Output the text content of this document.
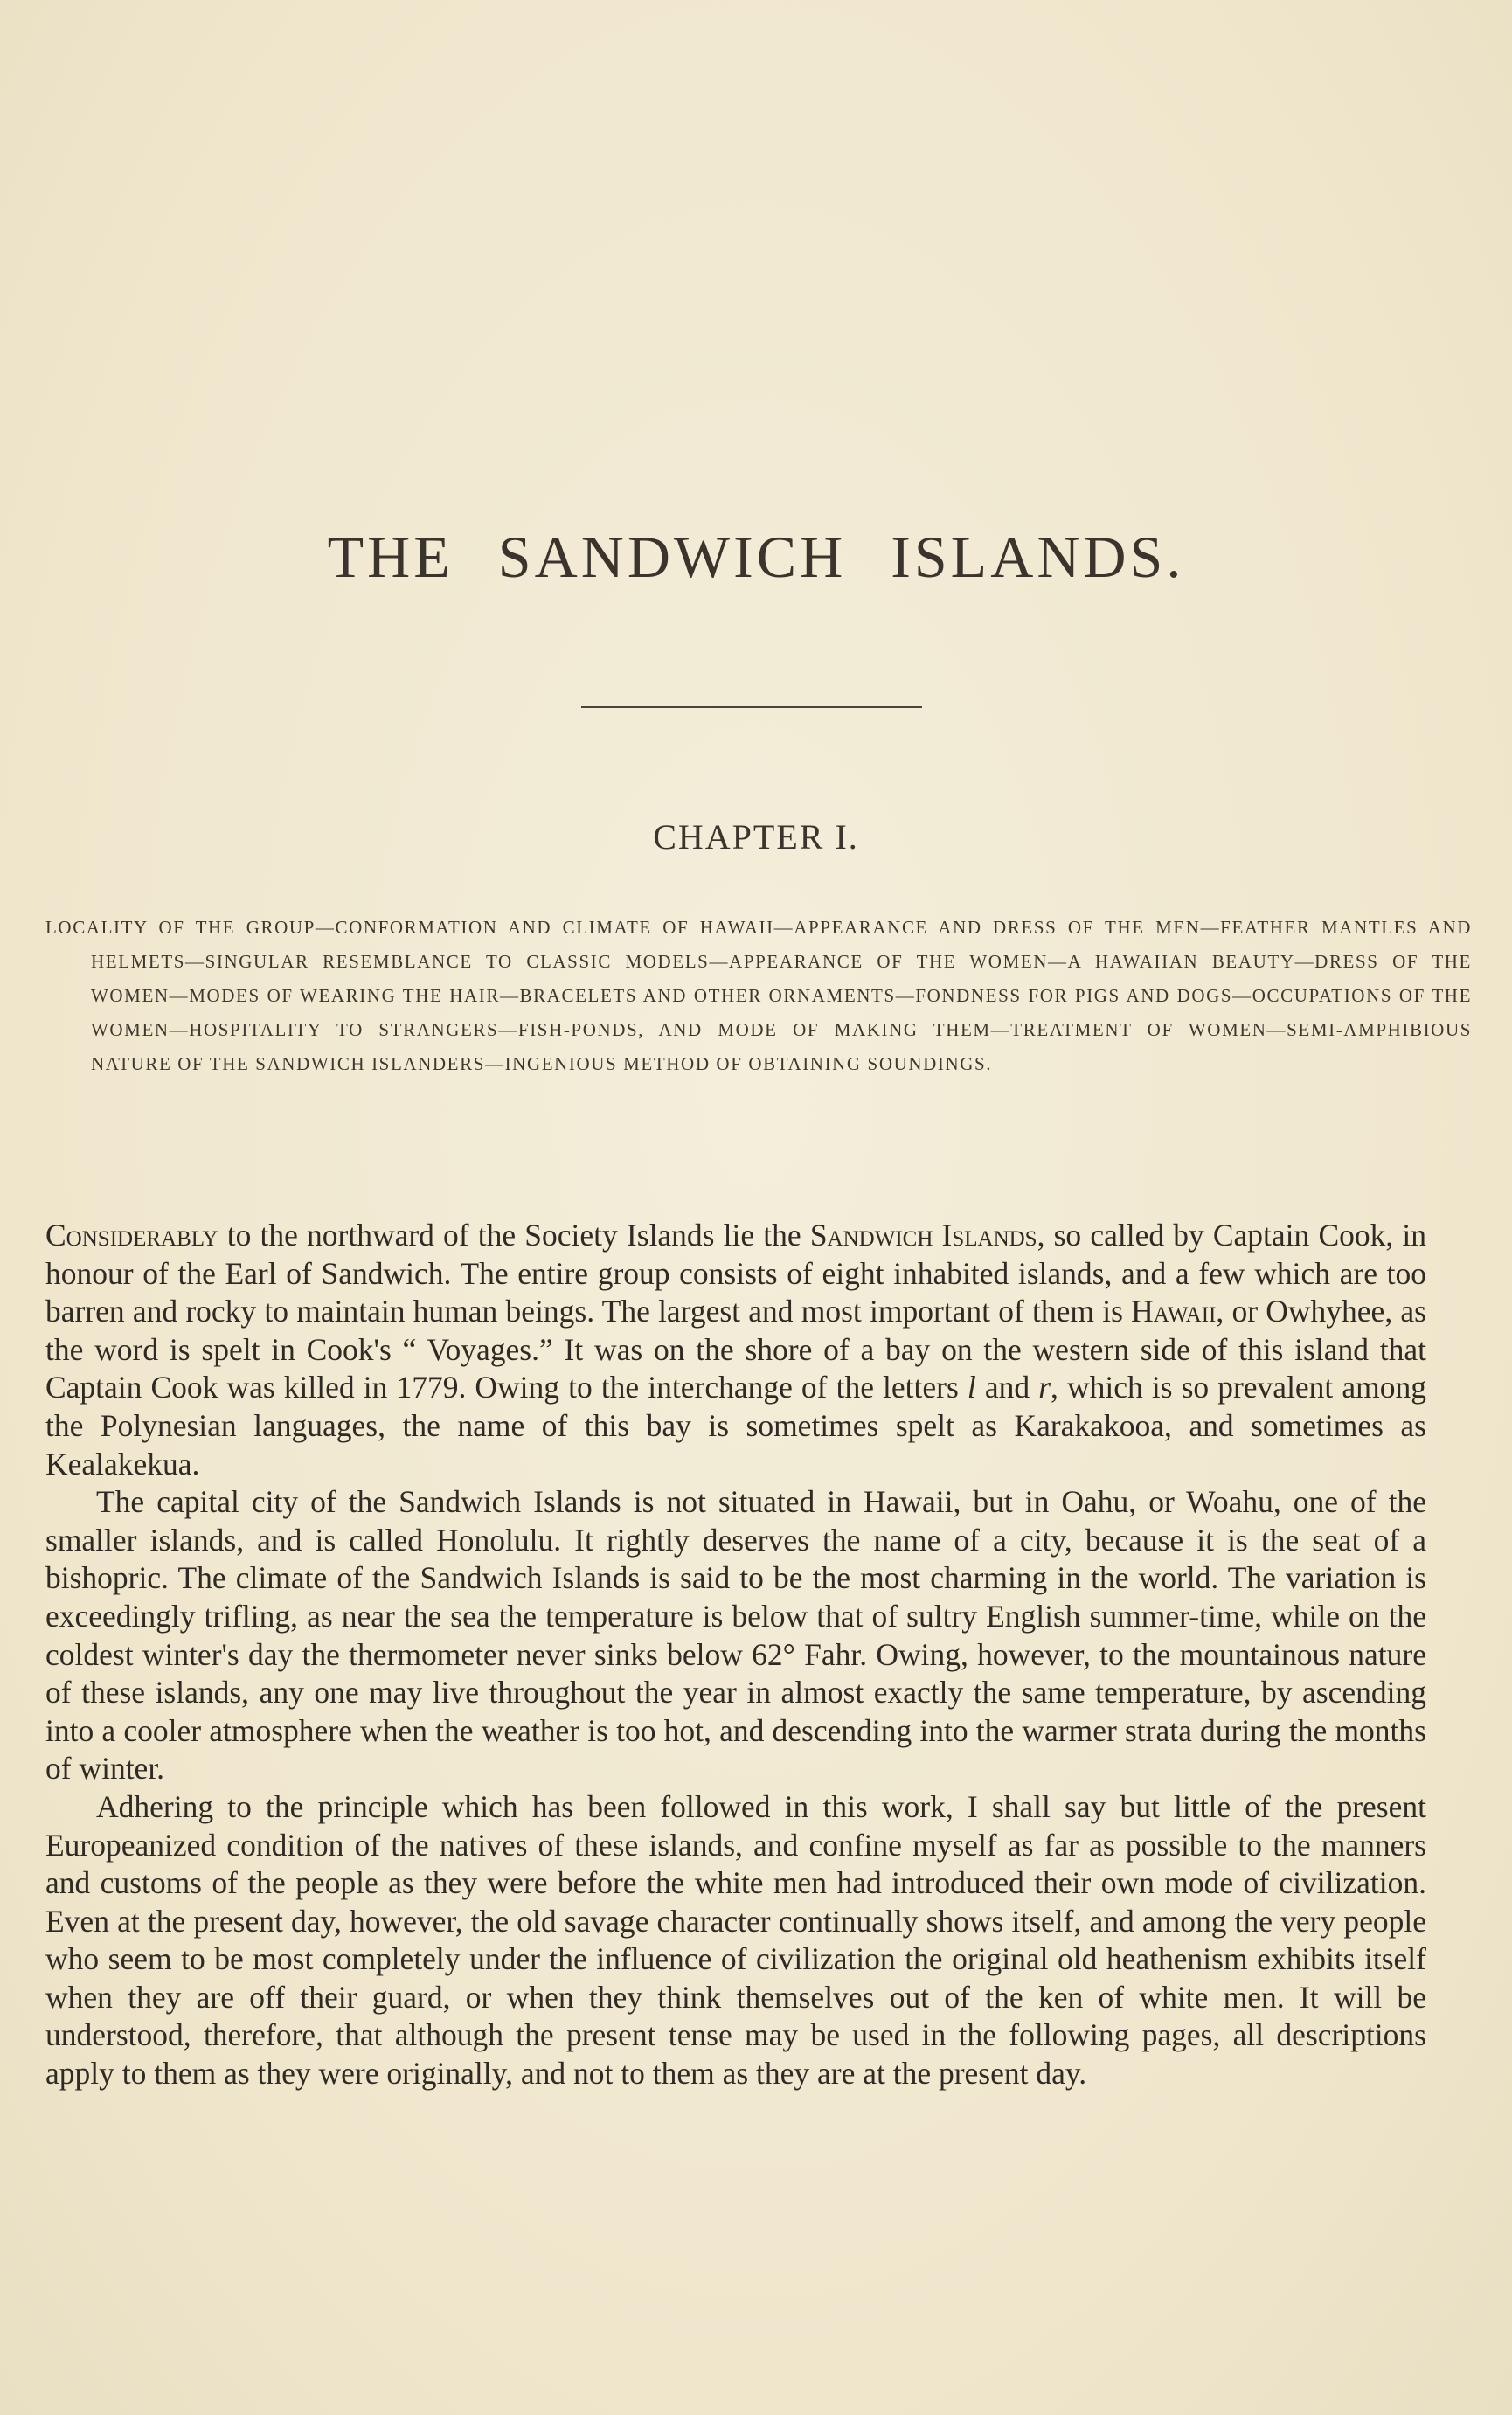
THE SANDWICH ISLANDS.
CHAPTER I.
LOCALITY OF THE GROUP—CONFORMATION AND CLIMATE OF HAWAII—APPEARANCE AND DRESS OF THE MEN—FEATHER MANTLES AND HELMETS—SINGULAR RESEMBLANCE TO CLASSIC MODELS—APPEARANCE OF THE WOMEN—A HAWAIIAN BEAUTY—DRESS OF THE WOMEN—MODES OF WEARING THE HAIR—BRACELETS AND OTHER ORNAMENTS—FONDNESS FOR PIGS AND DOGS—OCCUPATIONS OF THE WOMEN—HOSPITALITY TO STRANGERS—FISH-PONDS, AND MODE OF MAKING THEM—TREATMENT OF WOMEN—SEMI-AMPHIBIOUS NATURE OF THE SANDWICH ISLANDERS—INGENIOUS METHOD OF OBTAINING SOUNDINGS.

Considerably to the northward of the Society Islands lie the Sandwich Islands, so called by Captain Cook, in honour of the Earl of Sandwich. The entire group consists of eight inhabited islands, and a few which are too barren and rocky to maintain human beings. The largest and most important of them is Hawaii, or Owhyhee, as the word is spelt in Cook's “ Voyages.” It was on the shore of a bay on the western side of this island that Captain Cook was killed in 1779. Owing to the interchange of the letters l and r, which is so prevalent among the Polynesian languages, the name of this bay is sometimes spelt as Karakakooa, and sometimes as Kealakekua.

The capital city of the Sandwich Islands is not situated in Hawaii, but in Oahu, or Woahu, one of the smaller islands, and is called Honolulu. It rightly deserves the name of a city, because it is the seat of a bishopric. The climate of the Sandwich Islands is said to be the most charming in the world. The variation is exceedingly trifling, as near the sea the temperature is below that of sultry English summer-time, while on the coldest winter's day the thermometer never sinks below 62° Fahr. Owing, however, to the mountainous nature of these islands, any one may live throughout the year in almost exactly the same temperature, by ascending into a cooler atmosphere when the weather is too hot, and descending into the warmer strata during the months of winter.

Adhering to the principle which has been followed in this work, I shall say but little of the present Europeanized condition of the natives of these islands, and confine myself as far as possible to the manners and customs of the people as they were before the white men had introduced their own mode of civilization. Even at the present day, however, the old savage character continually shows itself, and among the very people who seem to be most completely under the influence of civilization the original old heathenism exhibits itself when they are off their guard, or when they think themselves out of the ken of white men. It will be understood, therefore, that although the present tense may be used in the following pages, all descriptions apply to them as they were originally, and not to them as they are at the present day.
